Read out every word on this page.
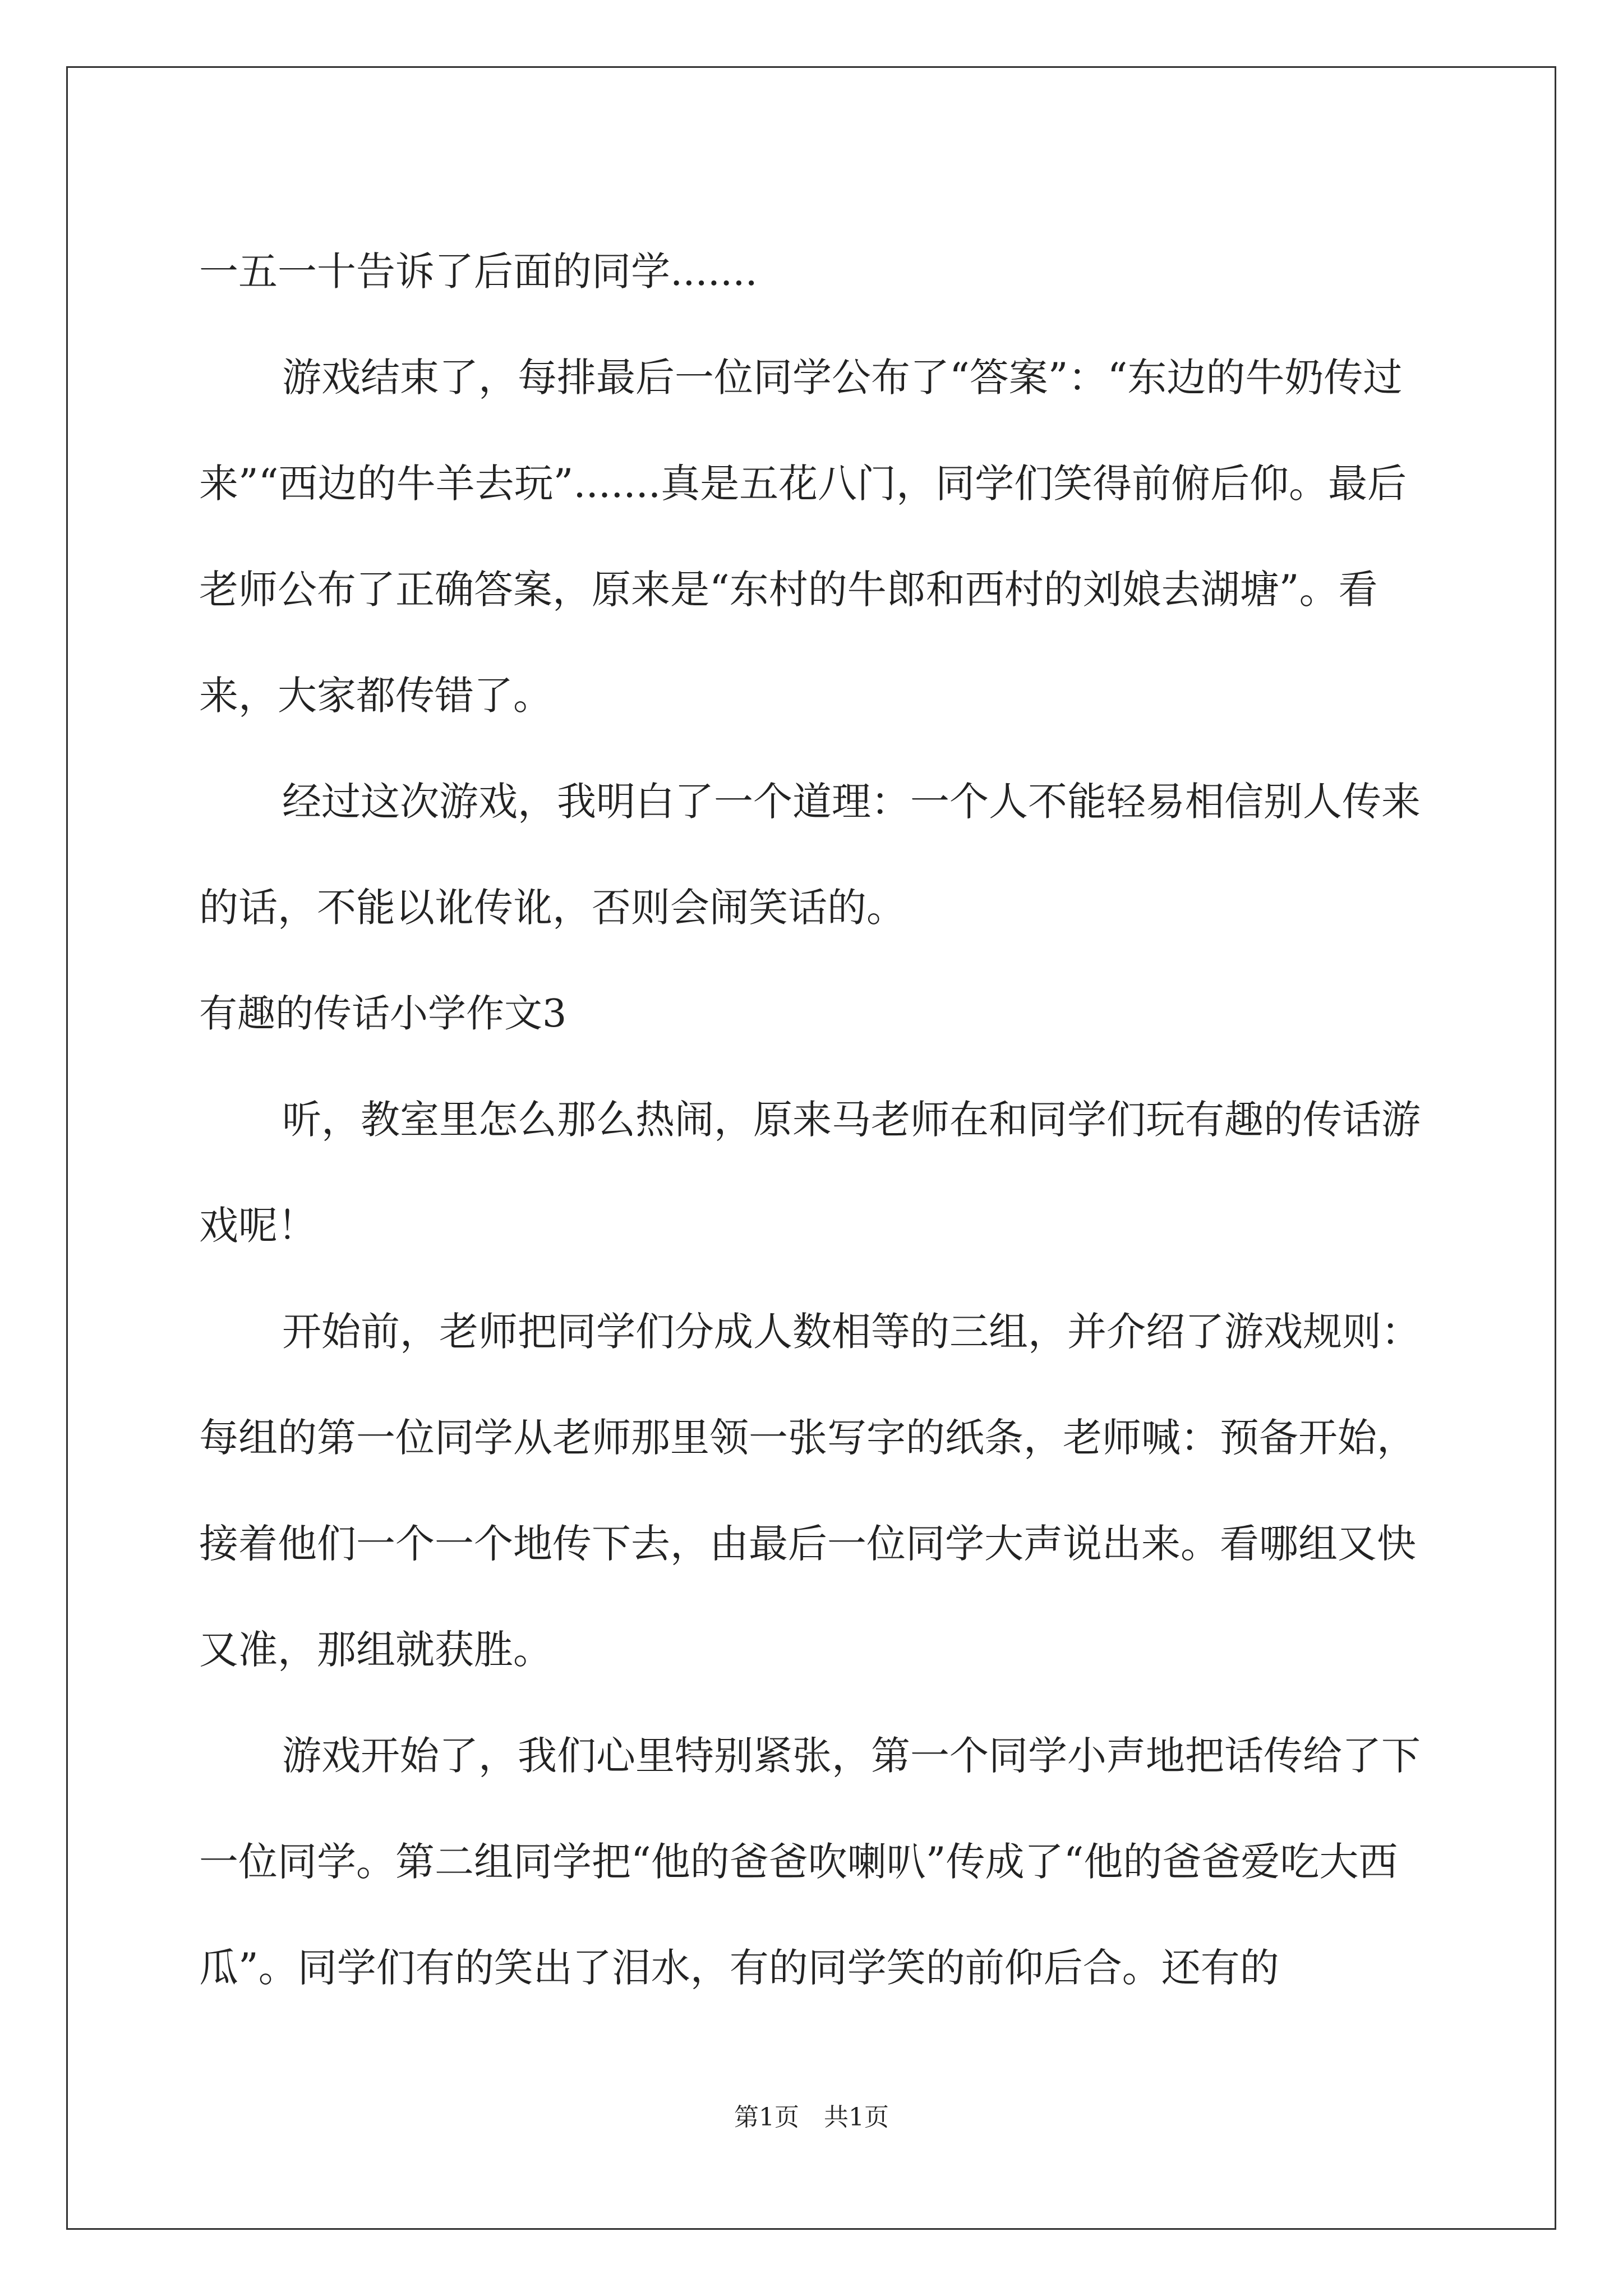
一五一十告诉了后面的同学.......

游戏结束了，每排最后一位同学公布了“答案”：“东边的牛奶传过来”“西边的牛羊去玩”.......真是五花八门，同学们笑得前俯后仰。最后老师公布了正确答案，原来是“东村的牛郎和西村的刘娘去湖塘”。看来，大家都传错了。

经过这次游戏，我明白了一个道理：一个人不能轻易相信别人传来的话，不能以讹传讹，否则会闹笑话的。

有趣的传话小学作文3

听，教室里怎么那么热闹，原来马老师在和同学们玩有趣的传话游戏呢！

开始前，老师把同学们分成人数相等的三组，并介绍了游戏规则：每组的第一位同学从老师那里领一张写字的纸条，老师喊：预备开始，接着他们一个一个地传下去，由最后一位同学大声说出来。看哪组又快又准，那组就获胜。

游戏开始了，我们心里特别紧张，第一个同学小声地把话传给了下一位同学。第二组同学把“他的爸爸吹喇叭”传成了“他的爸爸爱吃大西瓜”。同学们有的笑出了泪水，有的同学笑的前仰后合。还有的

第1页　共1页
